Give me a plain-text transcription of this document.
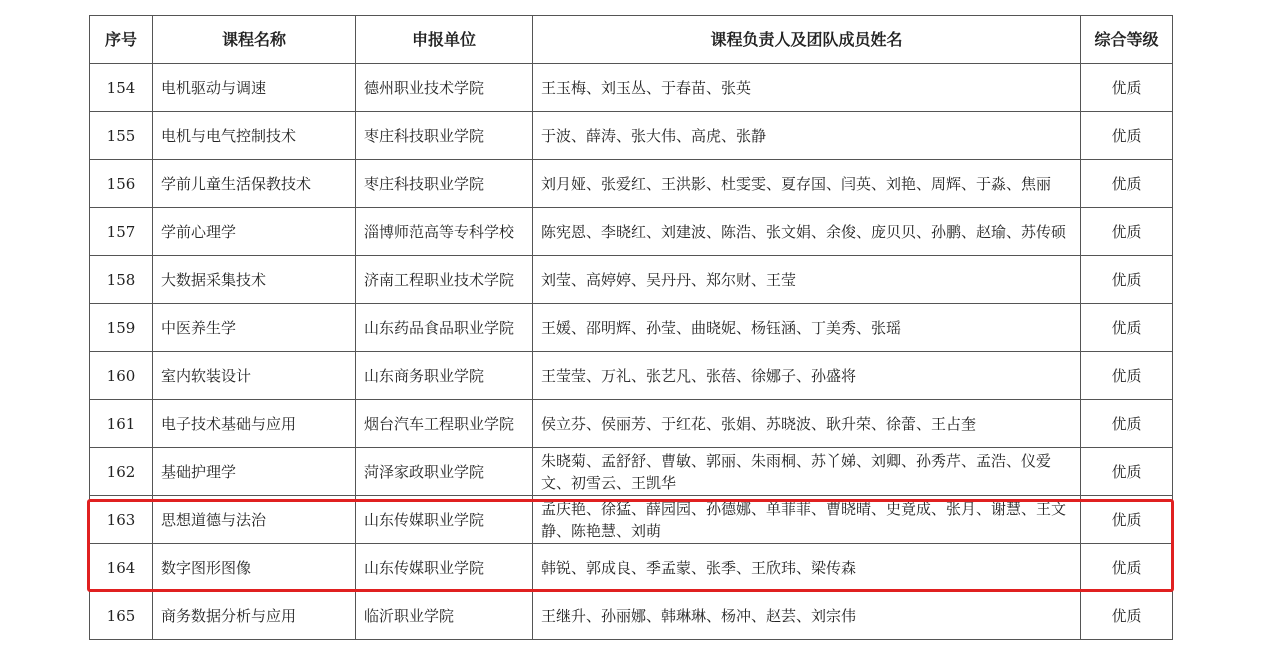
序号	课程名称	申报单位	课程负责人及团队成员姓名	综合等级
154	电机驱动与调速	德州职业技术学院	王玉梅、刘玉丛、于春苗、张英	优质
155	电机与电气控制技术	枣庄科技职业学院	于波、薛涛、张大伟、高虎、张静	优质
156	学前儿童生活保教技术	枣庄科技职业学院	刘月娅、张爱红、王洪影、杜雯雯、夏存国、闫英、刘艳、周辉、于淼、焦丽	优质
157	学前心理学	淄博师范高等专科学校	陈宪恩、李晓红、刘建波、陈浩、张文娟、余俊、庞贝贝、孙鹏、赵瑜、苏传硕	优质
158	大数据采集技术	济南工程职业技术学院	刘莹、高婷婷、吴丹丹、郑尔财、王莹	优质
159	中医养生学	山东药品食品职业学院	王媛、邵明辉、孙莹、曲晓妮、杨钰涵、丁美秀、张瑶	优质
160	室内软装设计	山东商务职业学院	王莹莹、万礼、张艺凡、张蓓、徐娜子、孙盛将	优质
161	电子技术基础与应用	烟台汽车工程职业学院	侯立芬、侯丽芳、于红花、张娟、苏晓波、耿升荣、徐蕾、王占奎	优质
162	基础护理学	菏泽家政职业学院	朱晓菊、孟舒舒、曹敏、郭丽、朱雨桐、苏丫娣、刘卿、孙秀芹、孟浩、仪爱文、初雪云、王凯华	优质
163	思想道德与法治	山东传媒职业学院	孟庆艳、徐猛、薛园园、孙德娜、单菲菲、曹晓晴、史竟成、张月、谢慧、王文静、陈艳慧、刘萌	优质
164	数字图形图像	山东传媒职业学院	韩锐、郭成良、季孟蒙、张季、王欣玮、梁传森	优质
165	商务数据分析与应用	临沂职业学院	王继升、孙丽娜、韩琳琳、杨冲、赵芸、刘宗伟	优质
